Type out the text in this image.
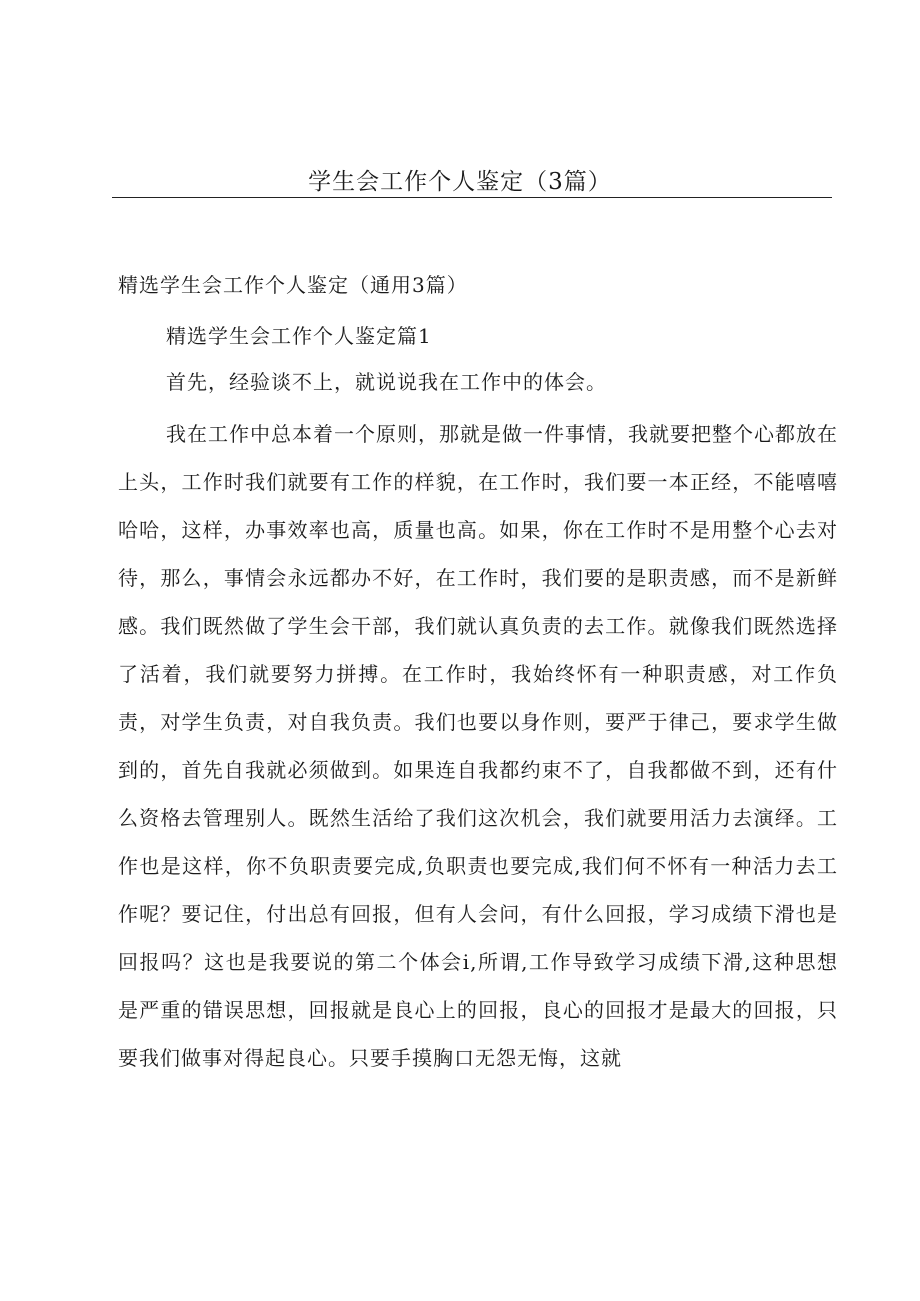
学生会工作个人鉴定（3篇）

精选学生会工作个人鉴定（通用3篇）

精选学生会工作个人鉴定篇1

首先，经验谈不上，就说说我在工作中的体会。

我在工作中总本着一个原则，那就是做一件事情，我就要把整个心都放在上头，工作时我们就要有工作的样貌，在工作时，我们要一本正经，不能嘻嘻哈哈，这样，办事效率也高，质量也高。如果，你在工作时不是用整个心去对待，那么，事情会永远都办不好，在工作时，我们要的是职责感，而不是新鲜感。我们既然做了学生会干部，我们就认真负责的去工作。就像我们既然选择了活着，我们就要努力拼搏。在工作时，我始终怀有一种职责感，对工作负责，对学生负责，对自我负责。我们也要以身作则，要严于律己，要求学生做到的，首先自我就必须做到。如果连自我都约束不了，自我都做不到，还有什么资格去管理别人。既然生活给了我们这次机会，我们就要用活力去演绎。工作也是这样，你不负职责要完成,负职责也要完成,我们何不怀有一种活力去工作呢？要记住，付出总有回报，但有人会问，有什么回报，学习成绩下滑也是回报吗？这也是我要说的第二个体会i,所谓,工作导致学习成绩下滑,这种思想是严重的错误思想，回报就是良心上的回报，良心的回报才是最大的回报，只要我们做事对得起良心。只要手摸胸口无怨无悔，这就
